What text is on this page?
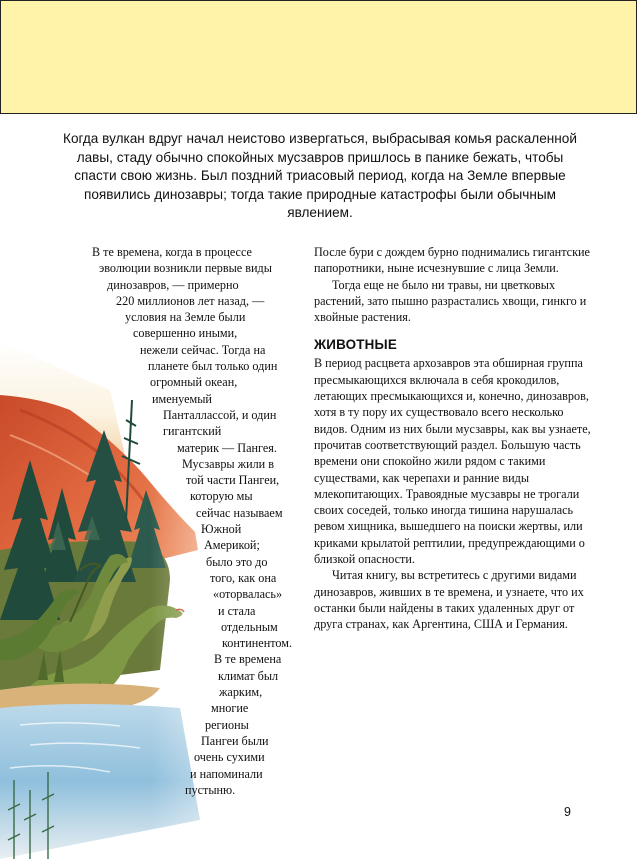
Когда вулкан вдруг начал неистово извергаться, выбрасывая комья раскаленной
лавы, стаду обычно спокойных мусзавров пришлось в панике бежать, чтобы
спасти свою жизнь. Был поздний триасовый период, когда на Земле впервые
появились динозавры; тогда такие природные катастрофы были обычным
явлением.
В те времена, когда в процессе
эволюции возникли первые виды
динозавров, — примерно
220 миллионов лет назад, —
условия на Земле были
совершенно иными,
нежели сейчас. Тогда на
планете был только один
огромный океан,
именуемый
Панталлассой, и один
гигантский
материк — Пангея.
Мусзавры жили в
той части Пангеи,
которую мы
сейчас называем
Южной
Америкой;
было это до
того, как она
«оторвалась»
и стала
отдельным
континентом.
В те времена
климат был
жарким,
многие
регионы
Пангеи были
очень сухими
и напоминали
пустыню.

После бури с дождем бурно поднимались гигантские папоротники, ныне исчезнувшие с лица Земли.

Тогда еще не было ни травы, ни цветковых растений, зато пышно разрастались хвощи, гинкго и хвойные растения.

ЖИВОТНЫЕ

В период расцвета архозавров эта обширная группа пресмыкающихся включала в себя крокодилов, летающих пресмыкающихся и, конечно, динозавров, хотя в ту пору их существовало всего несколько видов. Одним из них были мусзавры, как вы узнаете, прочитав соответствующий раздел. Большую часть времени они спокойно жили рядом с такими существами, как черепахи и ранние виды млекопитающих. Травоядные мусзавры не трогали своих соседей, только иногда тишина нарушалась ревом хищника, вышедшего на поиски жертвы, или криками крылатой рептилии, предупреждающими о близкой опасности.

Читая книгу, вы встретитесь с другими видами динозавров, живших в те времена, и узнаете, что их останки были найдены в таких удаленных друг от друга странах, как Аргентина, США и Германия.

9
